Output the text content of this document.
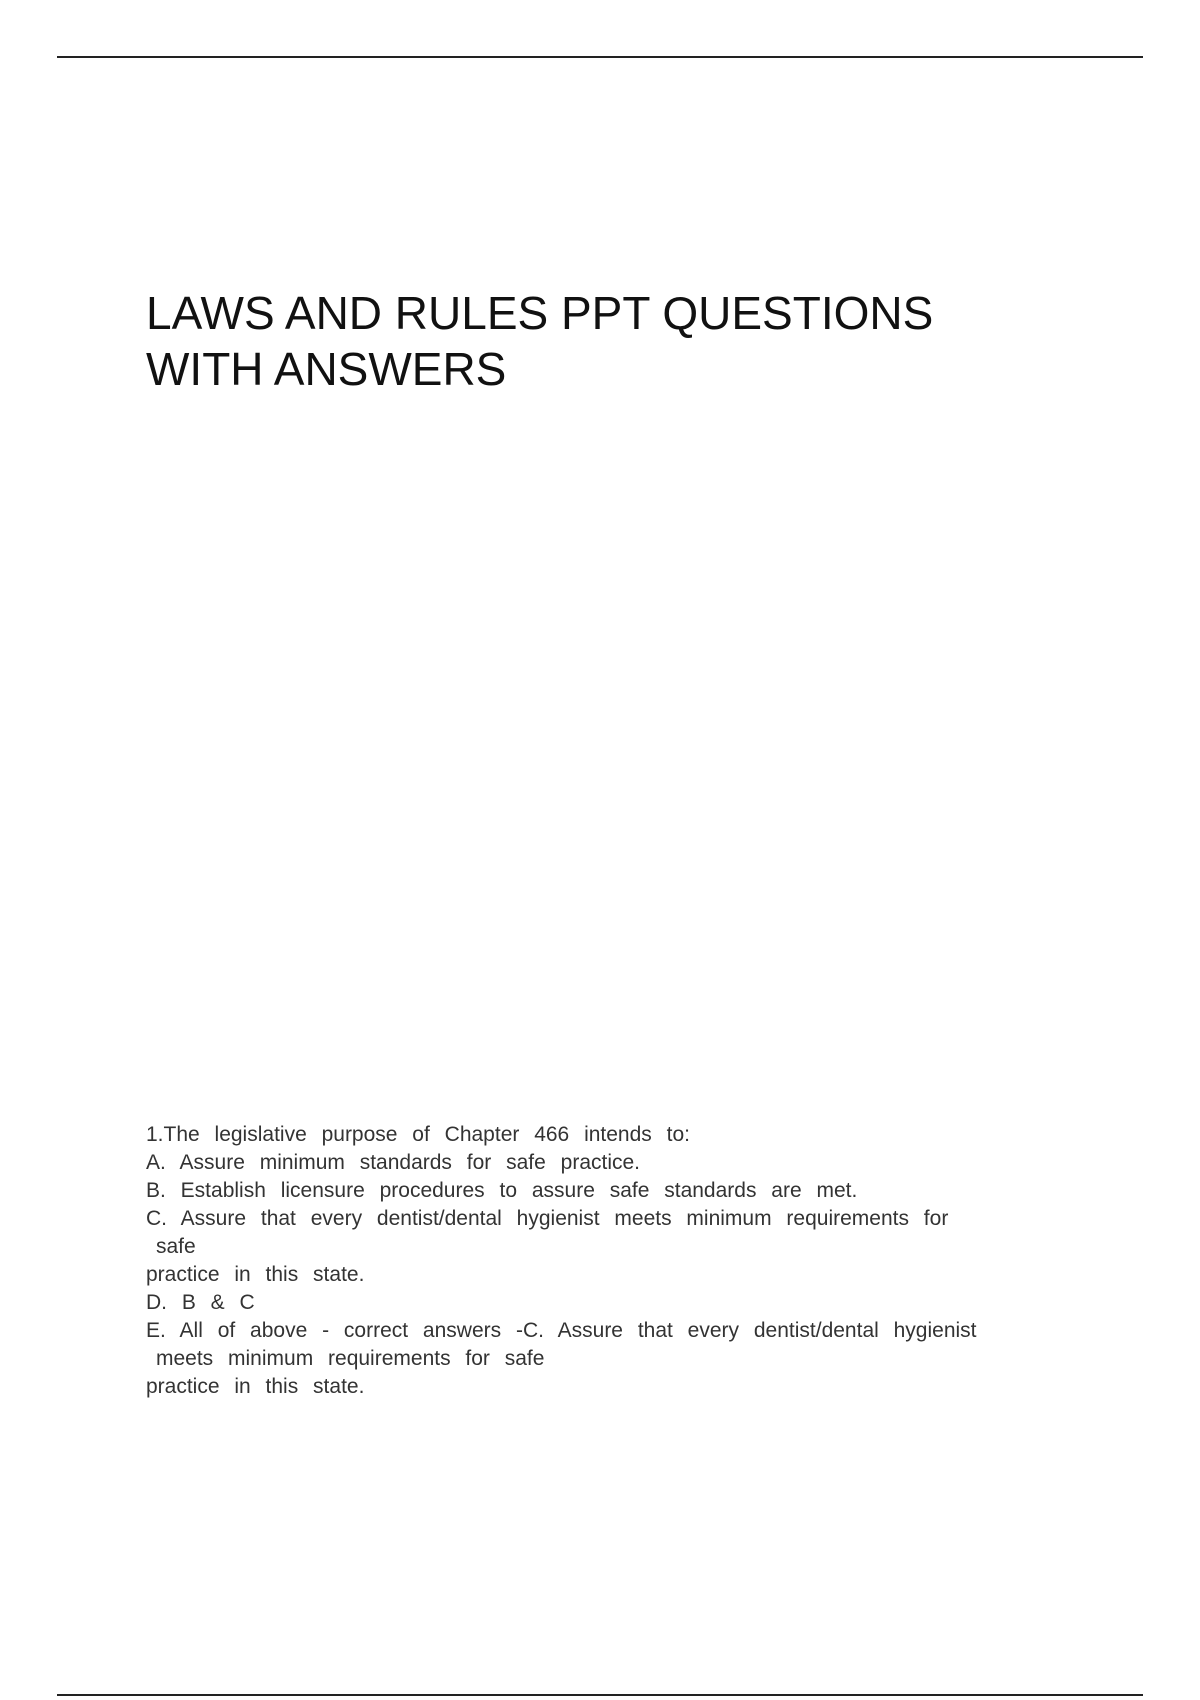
LAWS AND RULES PPT QUESTIONS
WITH ANSWERS
1.The legislative purpose of Chapter 466 intends to:
A. Assure minimum standards for safe practice.
B. Establish licensure procedures to assure safe standards are met.
C. Assure that every dentist/dental hygienist meets minimum requirements for
safe
practice in this state.
D. B & C
E. All of above - correct answers -C. Assure that every dentist/dental hygienist
meets minimum requirements for safe
practice in this state.
